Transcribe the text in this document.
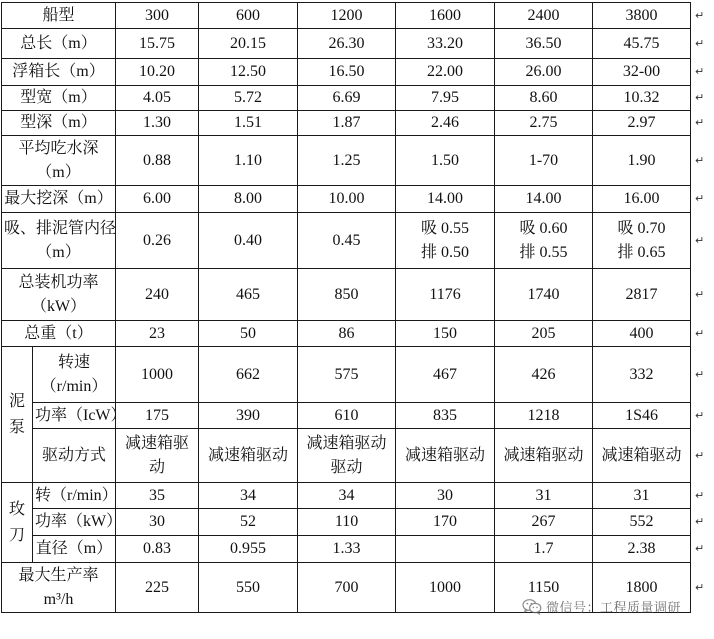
船型		300	600	1200	1600	2400	3800	↵

总长（m）		15.75	20.15	26.30	33.20	36.50	45.75	↵

浮箱长（m）		10.20	12.50	16.50	22.00	26.00	32-00	↵

型宽（m）		4.05	5.72	6.69	7.95	8.60	10.32	↵

型深（m）		1.30	1.51	1.87	2.46	2.75	2.97	↵

平均吃水深
（m）		0.88	1.10	1.25	1.50	1-70	1.90	↵

最大挖深（m）		6.00	8.00	10.00	14.00	14.00	16.00	↵

吸、排泥管内径
（m）		0.26	0.40	0.45	吸 0.55
排 0.50	吸 0.60
排 0.55	吸 0.70
排 0.65	↵

总装机功率
（kW）		240	465	850	1176	1740	2817	↵

总重（t）		23	50	86	150	205	400	↵

泥
泵	转速
（r/min）	1000	662	575	467	426	332	↵

	功率（IcW）	175	390	610	835	1218	1S46	↵

	驱动方式	减速箱驱
动	减速箱驱动	减速箱驱动
驱动	减速箱驱动	减速箱驱动	减速箱驱动	↵

玫
刀	转（r/min）	35	34	34	30	31	31	↵

	功率（kW）	30	52	110	170	267	552	↵

	直径（m）	0.83	0.955	1.33		1.7	2.38	↵

最大生产率
m³/h		225	550	700	1000	1150	1800	↵
微信号：工程质量调研
